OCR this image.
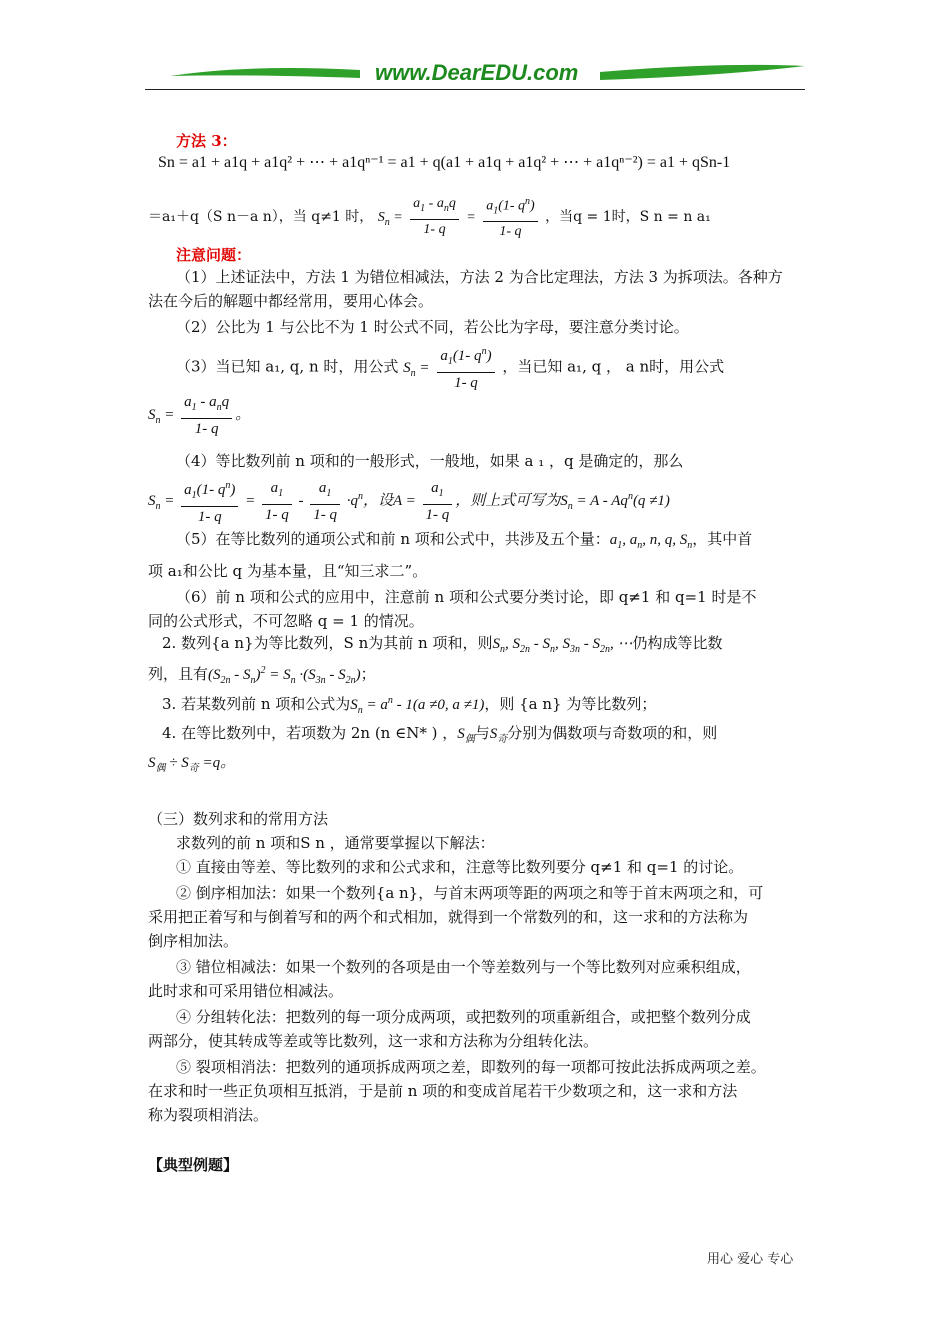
www.DearEDU.com
方法 3：
Sn = a1 + a1q + a1q² + ⋯ + a1qⁿ⁻¹ = a1 + q(a1 + a1q + a1q² + ⋯ + a1qⁿ⁻²) = a1 + qSn-1
＝a₁＋q（S n－a n），当 q≠1 时， $S_n = \frac{a_1 - a_nq}{1- q} = \frac{a_1(1- q^n)}{1- q}$ ，当q = 1时，S n = n a₁
注意问题：
（1）上述证法中，方法 1 为错位相减法，方法 2 为合比定理法，方法 3 为拆项法。各种方
法在今后的解题中都经常用，要用心体会。
（2）公比为 1 与公比不为 1 时公式不同，若公比为字母，要注意分类讨论。
（3）当已知 a₁, q, n 时，用公式 $S_n = \frac{a_1(1- q^n)}{1- q}$ ，当已知 a₁, q ， a n时，用公式
$S_n = \frac{a_1 - a_nq}{1- q}$ 。
（4）等比数列前 n 项和的一般形式，一般地，如果 a ₁ ，q 是确定的，那么
$S_n = \frac{a_1(1- q^n)}{1- q} = \frac{a_1}{1- q} - \frac{a_1}{1- q} \cdot q^n$，设$A = \frac{a_1}{1- q}$ ，则上式可写为$S_n = A - Aq^n(q \ne 1)$
（5）在等比数列的通项公式和前 n 项和公式中，共涉及五个量：$a_1$, $a_n$, n, q, $S_n$，其中首
项 a₁和公比 q 为基本量，且“知三求二”。
（6）前 n 项和公式的应用中，注意前 n 项和公式要分类讨论，即 q≠1 和 q=1 时是不
同的公式形式，不可忽略 q = 1 的情况。
2. 数列{a n}为等比数列，S n为其前 n 项和，则$S_n$, $S_{2n} - S_n$, $S_{3n} - S_{2n}$, ⋯仍构成等比数
列，且有$(S_{2n} - S_n)^2 = S_n \cdot(S_{3n} - S_{2n})$；
3. 若某数列前 n 项和公式为$S_n = a^n - 1(a \ne 0$, a ≠1)，则 {a n} 为等比数列；
4. 在等比数列中，若项数为 2n (n ∈N* ) ，$S_偶$与$S_奇$分别为偶数项与奇数项的和，则
$S_偶 \div S_奇 =q$。
（三）数列求和的常用方法
求数列的前 n 项和S n ，通常要掌握以下解法：
① 直接由等差、等比数列的求和公式求和，注意等比数列要分 q≠1 和 q=1 的讨论。
② 倒序相加法：如果一个数列{a n}，与首末两项等距的两项之和等于首末两项之和，可
采用把正着写和与倒着写和的两个和式相加，就得到一个常数列的和，这一求和的方法称为
倒序相加法。
③ 错位相减法：如果一个数列的各项是由一个等差数列与一个等比数列对应乘积组成，
此时求和可采用错位相减法。
④ 分组转化法：把数列的每一项分成两项，或把数列的项重新组合，或把整个数列分成
两部分，使其转成等差或等比数列，这一求和方法称为分组转化法。
⑤ 裂项相消法：把数列的通项拆成两项之差，即数列的每一项都可按此法拆成两项之差。
在求和时一些正负项相互抵消，于是前 n 项的和变成首尾若干少数项之和，这一求和方法
称为裂项相消法。
【典型例题】
用心 爱心 专心
